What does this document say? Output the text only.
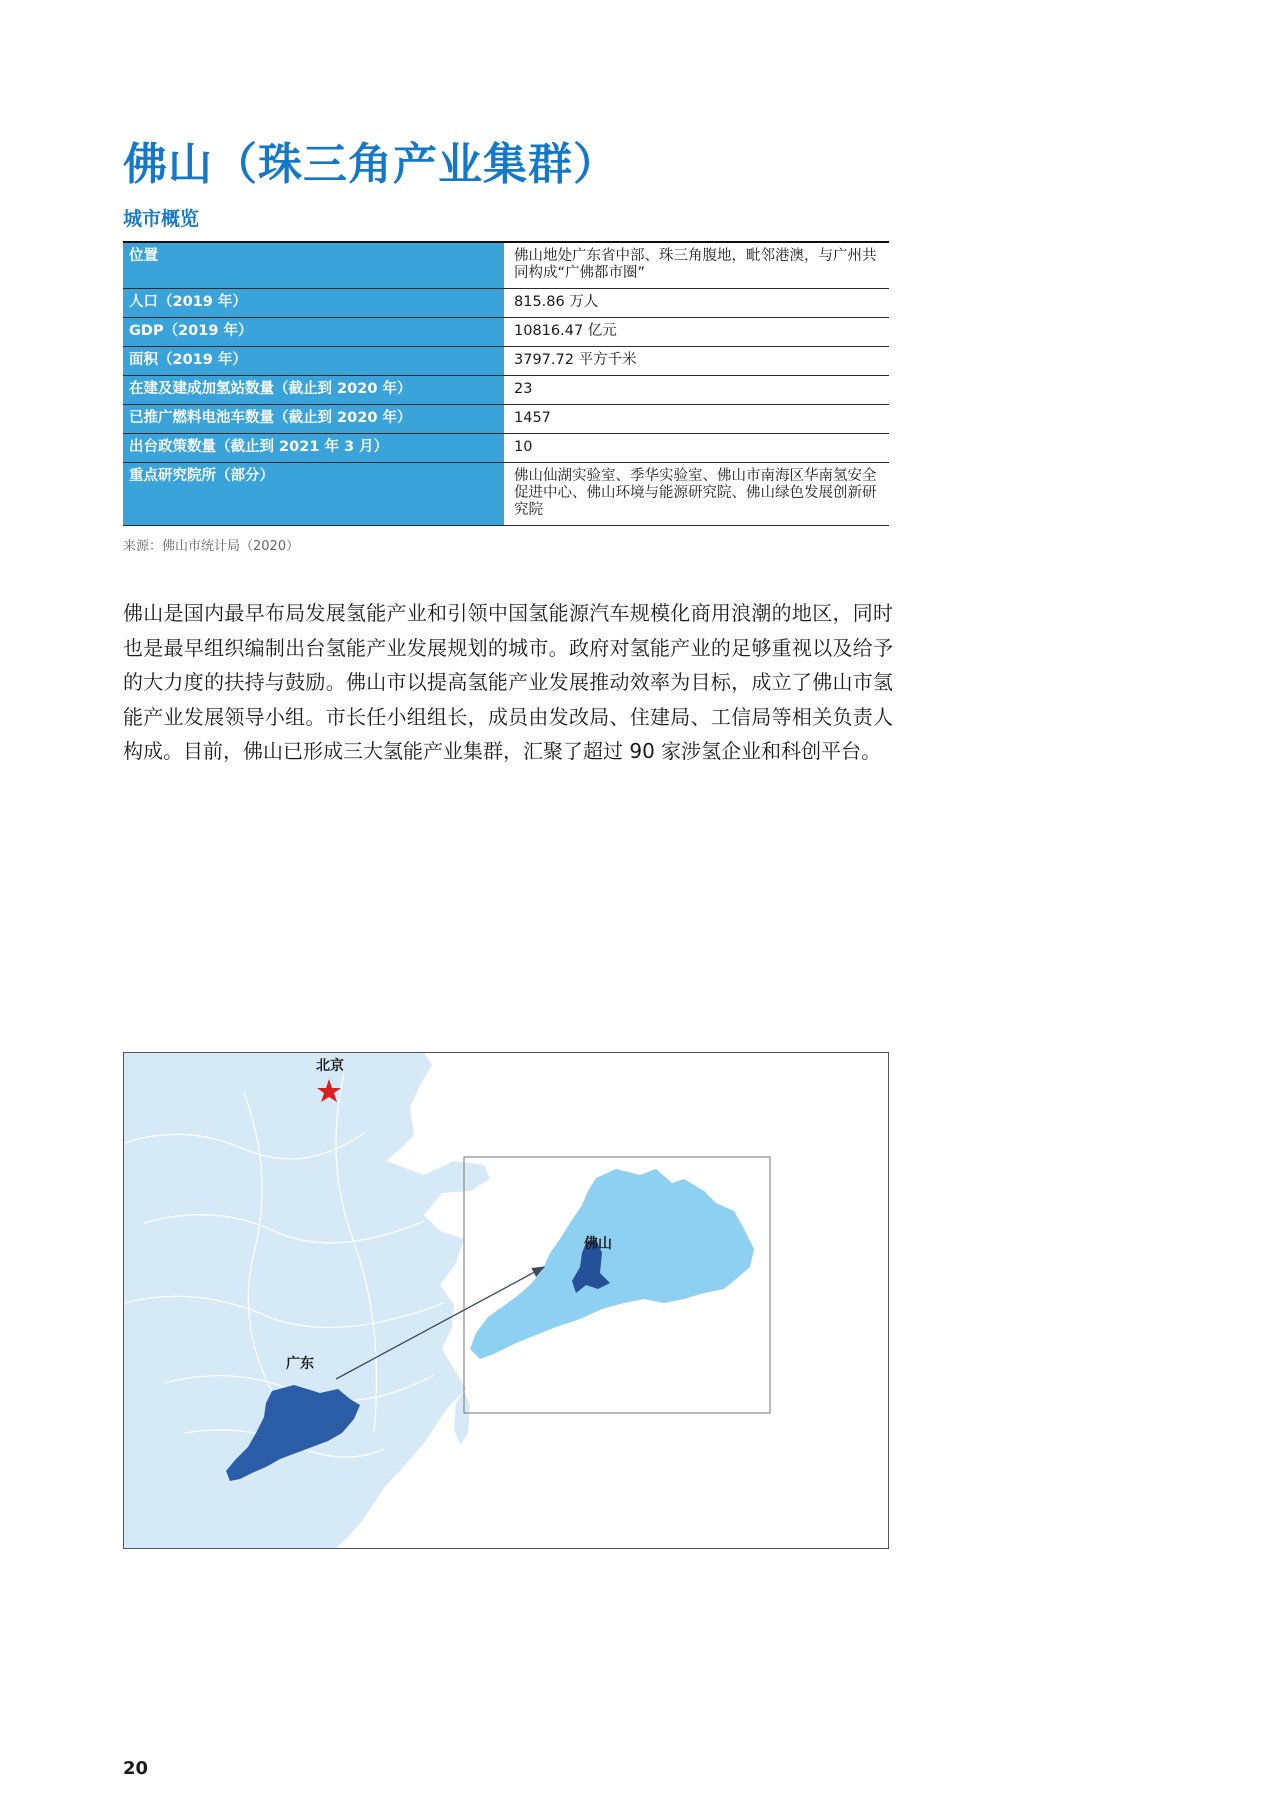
佛山（珠三角产业集群）
城市概览
位置	佛山地处广东省中部、珠三角腹地，毗邻港澳，与广州共同构成“广佛都市圈”
人口（2019 年）	815.86 万人
GDP（2019 年）	10816.47 亿元
面积（2019 年）	3797.72 平方千米
在建及建成加氢站数量（截止到 2020 年）	23
已推广燃料电池车数量（截止到 2020 年）	1457
出台政策数量（截止到 2021 年 3 月）	10
重点研究院所（部分）	佛山仙湖实验室、季华实验室、佛山市南海区华南氢安全促进中心、佛山环境与能源研究院、佛山绿色发展创新研究院

来源：佛山市统计局（2020）

佛山是国内最早布局发展氢能产业和引领中国氢能源汽车规模化商用浪潮的地区，同时也是最早组织编制出台氢能产业发展规划的城市。政府对氢能产业的足够重视以及给予的大力度的扶持与鼓励。佛山市以提高氢能产业发展推动效率为目标，成立了佛山市氢能产业发展领导小组。市长任小组组长，成员由发改局、住建局、工信局等相关负责人构成。目前，佛山已形成三大氢能产业集群，汇聚了超过 90 家涉氢企业和科创平台。

北京
广东
佛山

20
